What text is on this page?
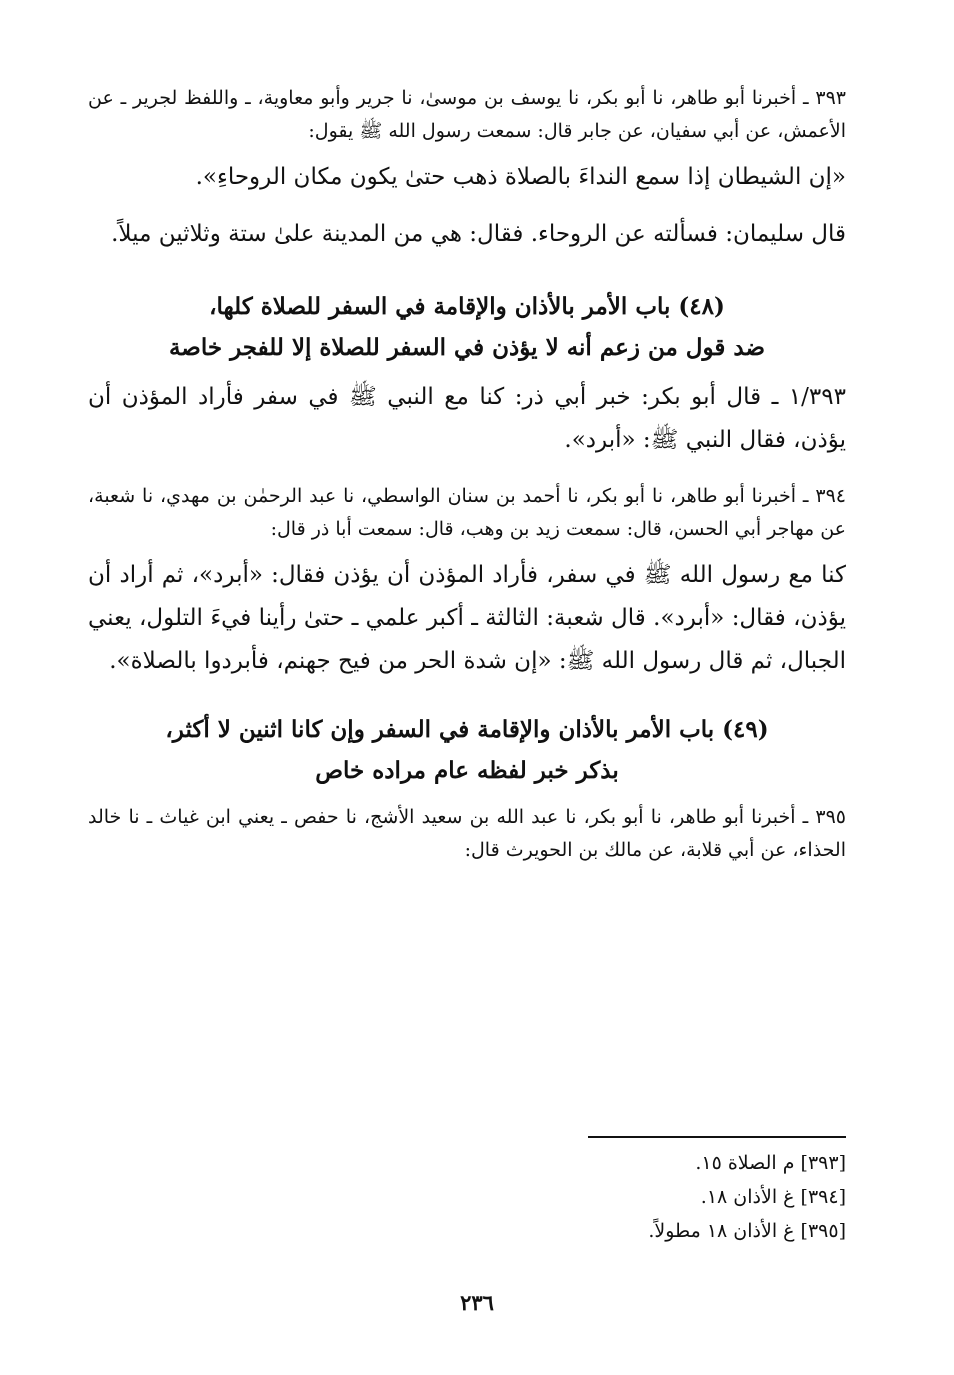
٣٩٣ ـ أخبرنا أبو طاهر، نا أبو بكر، نا يوسف بن موسىٰ، نا جرير وأبو معاوية، ـ واللفظ لجرير ـ عن الأعمش، عن أبي سفيان، عن جابر قال: سمعت رسول الله ﷺ يقول:

«إن الشيطان إذا سمع النداءَ بالصلاة ذهب حتىٰ يكون مكان الروحاءِ».

قال سليمان: فسألته عن الروحاء. فقال: هي من المدينة علىٰ ستة وثلاثين ميلاً.

(٤٨) باب الأمر بالأذان والإقامة في السفر للصلاة كلها،
ضد قول من زعم أنه لا يؤذن في السفر للصلاة إلا للفجر خاصة

١/٣٩٣ ـ قال أبو بكر: خبر أبي ذر: كنا مع النبي ﷺ في سفر فأراد المؤذن أن يؤذن، فقال النبي ﷺ: «أبرد».

٣٩٤ ـ أخبرنا أبو طاهر، نا أبو بكر، نا أحمد بن سنان الواسطي، نا عبد الرحمٰن بن مهدي، نا شعبة، عن مهاجر أبي الحسن، قال: سمعت زيد بن وهب، قال: سمعت أبا ذر قال:

كنا مع رسول الله ﷺ في سفر، فأراد المؤذن أن يؤذن فقال: «أبرد»، ثم أراد أن يؤذن، فقال: «أبرد». قال شعبة: الثالثة ـ أكبر علمي ـ حتىٰ رأينا فيءَ التلول، يعني الجبال، ثم قال رسول الله ﷺ: «إن شدة الحر من فيح جهنم، فأبردوا بالصلاة».

(٤٩) باب الأمر بالأذان والإقامة في السفر وإن كانا اثنين لا أكثر،
بذكر خبر لفظه عام مراده خاص

٣٩٥ ـ أخبرنا أبو طاهر، نا أبو بكر، نا عبد الله بن سعيد الأشج، نا حفص ـ يعني ابن غياث ـ نا خالد الحذاء، عن أبي قلابة، عن مالك بن الحويرث قال:

[٣٩٣] م الصلاة ١٥.
[٣٩٤] غ الأذان ١٨.
[٣٩٥] غ الأذان ١٨ مطولاً.
٢٣٦
